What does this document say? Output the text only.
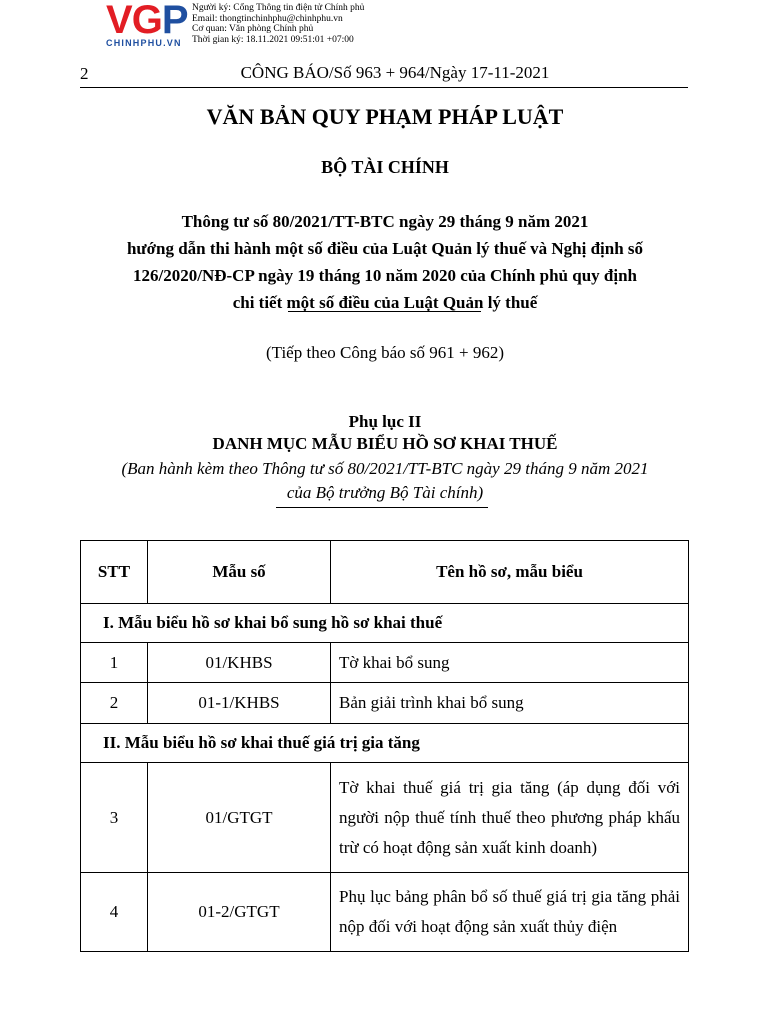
VGP
CHINHPHU.VN
Người ký: Cổng Thông tin điện tử Chính phủ
Email: thongtinchinhphu@chinhphu.vn
Cơ quan: Văn phòng Chính phủ
Thời gian ký: 18.11.2021 09:51:01 +07:00
2	CÔNG BÁO/Số 963 + 964/Ngày 17-11-2021
VĂN BẢN QUY PHẠM PHÁP LUẬT
BỘ TÀI CHÍNH
Thông tư số 80/2021/TT-BTC ngày 29 tháng 9 năm 2021
hướng dẫn thi hành một số điều của Luật Quản lý thuế và Nghị định số
126/2020/NĐ-CP ngày 19 tháng 10 năm 2020 của Chính phủ quy định
chi tiết một số điều của Luật Quản lý thuế
(Tiếp theo Công báo số 961 + 962)
Phụ lục II
DANH MỤC MẪU BIỂU HỒ SƠ KHAI THUẾ
(Ban hành kèm theo Thông tư số 80/2021/TT-BTC ngày 29 tháng 9 năm 2021
của Bộ trưởng Bộ Tài chính)
STT	Mẫu số	Tên hồ sơ, mẫu biểu
I. Mẫu biểu hồ sơ khai bổ sung hồ sơ khai thuế		
1	01/KHBS	Tờ khai bổ sung
2	01-1/KHBS	Bản giải trình khai bổ sung
II. Mẫu biểu hồ sơ khai thuế giá trị gia tăng		
3	01/GTGT	Tờ khai thuế giá trị gia tăng (áp dụng đối với người nộp thuế tính thuế theo phương pháp khấu trừ có hoạt động sản xuất kinh doanh)
4	01-2/GTGT	Phụ lục bảng phân bổ số thuế giá trị gia tăng phải nộp đối với hoạt động sản xuất thủy điện
